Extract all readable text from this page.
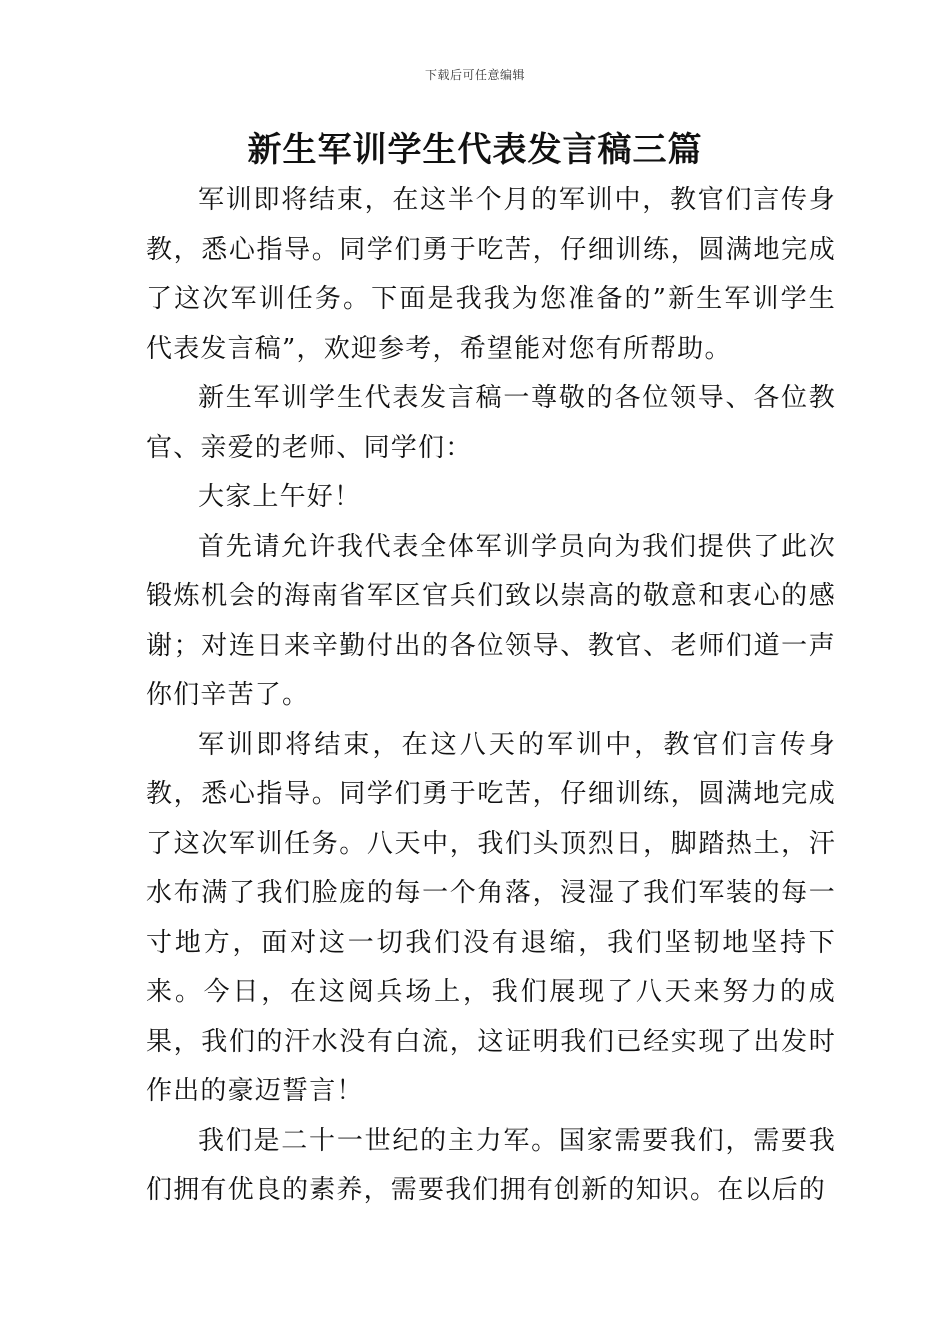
下载后可任意编辑
新生军训学生代表发言稿三篇

军训即将结束，在这半个月的军训中，教官们言传身教，悉心指导。同学们勇于吃苦，仔细训练，圆满地完成了这次军训任务。下面是我我为您准备的”新生军训学生代表发言稿”，欢迎参考，希望能对您有所帮助。

新生军训学生代表发言稿一尊敬的各位领导、各位教官、亲爱的老师、同学们：

大家上午好！

首先请允许我代表全体军训学员向为我们提供了此次锻炼机会的海南省军区官兵们致以崇高的敬意和衷心的感谢；对连日来辛勤付出的各位领导、教官、老师们道一声你们辛苦了。

军训即将结束，在这八天的军训中，教官们言传身教，悉心指导。同学们勇于吃苦，仔细训练，圆满地完成了这次军训任务。八天中，我们头顶烈日，脚踏热土，汗水布满了我们脸庞的每一个角落，浸湿了我们军装的每一寸地方，面对这一切我们没有退缩，我们坚韧地坚持下来。今日，在这阅兵场上，我们展现了八天来努力的成果，我们的汗水没有白流，这证明我们已经实现了出发时作出的豪迈誓言！

我们是二十一世纪的主力军。国家需要我们，需要我们拥有优良的素养，需要我们拥有创新的知识。在以后的
